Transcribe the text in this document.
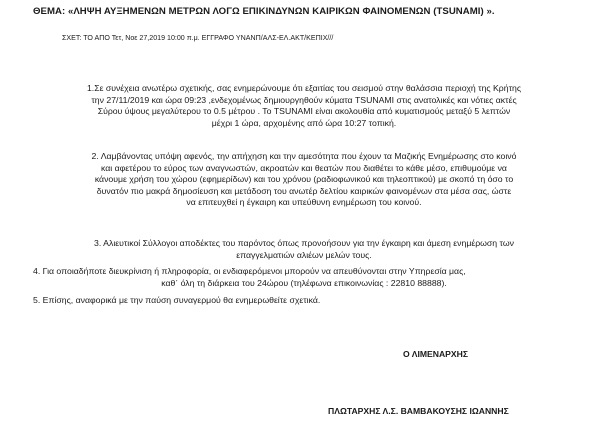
ΘΕΜΑ: «ΛΗΨΗ ΑΥΞΗΜΕΝΩΝ ΜΕΤΡΩΝ ΛΟΓΩ ΕΠΙΚΙΝΔΥΝΩΝ ΚΑΙΡΙΚΩΝ ΦΑΙΝΟΜΕΝΩΝ (TSUNAMI) ».
ΣΧΕΤ: ΤΟ ΑΠΟ Τετ, Νοε 27,2019 10:00 π.μ. ΕΓΓΡΑΦΟ ΥΝΑΝΠ/ΑΛΣ-ΕΛ.ΑΚΤ/ΚΕΠΙΧ///
1.Σε συνέχεια ανωτέρω σχετικής, σας ενημερώνουμε ότι εξαιτίας του σεισμού στην θαλάσσια περιοχή της Κρήτης
την 27/11/2019 και ώρα 09:23 ,ενδεχομένως δημιουργηθούν κύματα TSUNAMI στις ανατολικές και νότιες ακτές
Σύρου ύψους μεγαλύτερου το 0.5 μέτρου . Το TSUNAMI είναι ακολουθία από κυματισμούς μεταξύ 5 λεπτών
μέχρι 1 ώρα, αρχομένης από ώρα 10:27 τοπική.
2. Λαμβάνοντας υπόψη αφενός, την απήχηση και την αμεσότητα που έχουν τα Μαζικής Ενημέρωσης στο κοινό
και αφετέρου το εύρος των αναγνωστών, ακροατών και θεατών που διαθέτει το κάθε μέσο, επιθυμούμε να
κάνουμε χρήση του χώρου (εφημερίδων) και του χρόνου (ραδιοφωνικού και τηλεοπτικού) με σκοπό τη όσο το
δυνατόν πιο μακρά δημοσίευση και μετάδοση του ανωτέρ δελτίου καιρικών φαινομένων στα μέσα σας, ώστε
να επιτευχθεί η έγκαιρη και υπεύθυνη ενημέρωση του κοινού.
3. Αλιευτικοί Σύλλογοι αποδέκτες του παρόντος όπως προνοήσουν για την έγκαιρη και άμεση ενημέρωση των
επαγγελματιών αλιέων μελών τους.
4. Για οποιαδήποτε διευκρίνιση ή πληροφορία, οι ενδιαφερόμενοι μπορούν να απευθύνονται στην Υπηρεσία μας,
καθ᾽ όλη τη διάρκεια του 24ώρου (τηλέφωνα επικοινωνίας : 22810 88888).
5. Επίσης, αναφορικά με την παύση συναγερμού θα ενημερωθείτε σχετικά.
Ο ΛΙΜΕΝΑΡΧΗΣ
ΠΛΩΤΑΡΧΗΣ Λ.Σ. ΒΑΜΒΑΚΟΥΣΗΣ ΙΩΑΝΝΗΣ
